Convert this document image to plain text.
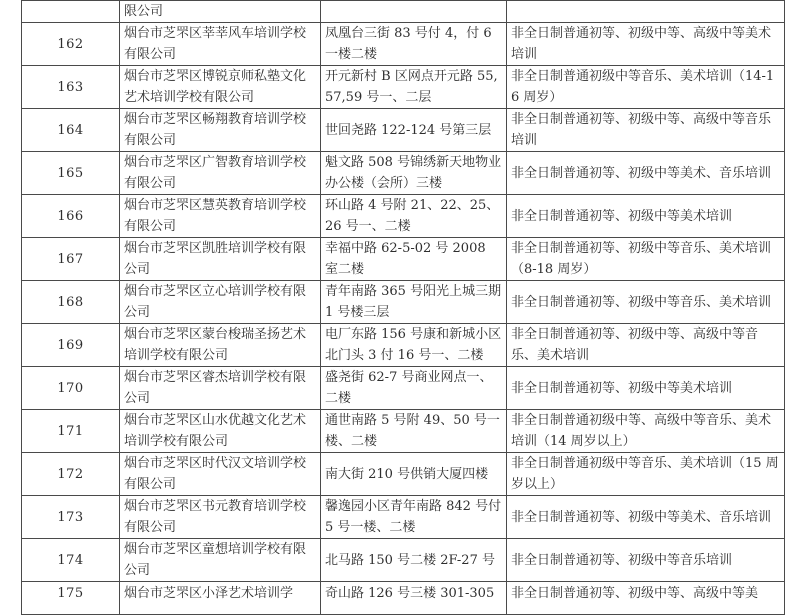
	限公司		
162	烟台市芝罘区莘莘风车培训学校有限公司	凤凰台三街 83 号付 4，付 6 一楼二楼	非全日制普通初等、初级中等、高级中等美术培训
163	烟台市芝罘区博锐京师私塾文化艺术培训学校有限公司	开元新村 B 区网点开元路 55,57,59 号一、二层	非全日制普通初级中等音乐、美术培训（14-16 周岁）
164	烟台市芝罘区畅翔教育培训学校有限公司	世回尧路 122-124 号第三层	非全日制普通初等、初级中等、高级中等音乐培训
165	烟台市芝罘区广智教育培训学校有限公司	魁文路 508 号锦绣新天地物业办公楼（会所）三楼	非全日制普通初等、初级中等美术、音乐培训
166	烟台市芝罘区慧英教育培训学校有限公司	环山路 4 号附 21、22、25、26 号一、二楼	非全日制普通初等、初级中等美术培训
167	烟台市芝罘区凯胜培训学校有限公司	幸福中路 62-5-02 号 2008 室二楼	非全日制普通初等、初级中等音乐、美术培训（8-18 周岁）
168	烟台市芝罘区立心培训学校有限公司	青年南路 365 号阳光上城三期 1 号楼三层	非全日制普通初等、初级中等音乐、美术培训
169	烟台市芝罘区蒙台梭瑞圣扬艺术培训学校有限公司	电厂东路 156 号康和新城小区北门头 3 付 16 号一、二楼	非全日制普通初等、初级中等、高级中等音乐、美术培训
170	烟台市芝罘区睿杰培训学校有限公司	盛尧街 62-7 号商业网点一、二楼	非全日制普通初等、初级中等美术培训
171	烟台市芝罘区山水优越文化艺术培训学校有限公司	通世南路 5 号附 49、50 号一楼、二楼	非全日制普通初级中等、高级中等音乐、美术培训（14 周岁以上）
172	烟台市芝罘区时代汉文培训学校有限公司	南大街 210 号供销大厦四楼	非全日制普通初级中等音乐、美术培训（15 周岁以上）
173	烟台市芝罘区书元教育培训学校有限公司	馨逸园小区青年南路 842 号付 5 号一楼、二楼	非全日制普通初等、初级中等美术、音乐培训
174	烟台市芝罘区童想培训学校有限公司	北马路 150 号二楼 2F-27 号	非全日制普通初等、初级中等音乐培训
175	烟台市芝罘区小泽艺术培训学	奇山路 126 号三楼 301-305	非全日制普通初等、初级中等、高级中等美
